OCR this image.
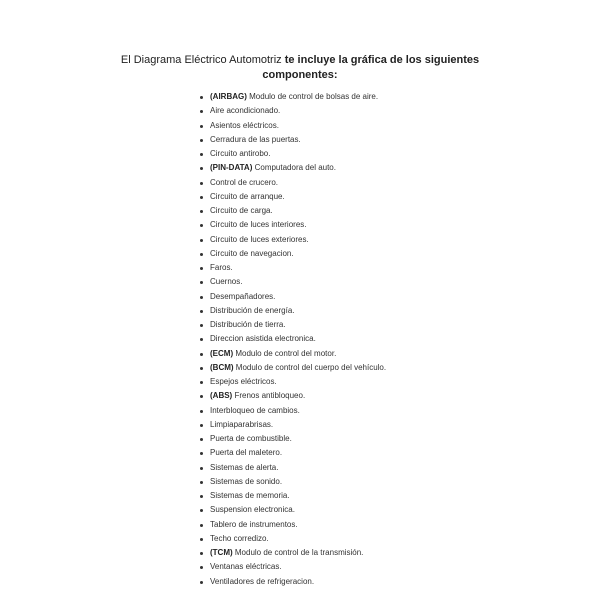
El Diagrama Eléctrico Automotriz te incluye la gráfica de los siguientes componentes:

(AIRBAG) Modulo de control de bolsas de aire.
Aire acondicionado.
Asientos eléctricos.
Cerradura de las puertas.
Circuito antirobo.
(PIN-DATA) Computadora del auto.
Control de crucero.
Circuito de arranque.
Circuito de carga.
Circuito de luces interiores.
Circuito de luces exteriores.
Circuito de navegacion.
Faros.
Cuernos.
Desempañadores.
Distribución de energía.
Distribución de tierra.
Direccion asistida electronica.
(ECM) Modulo de control del motor.
(BCM) Modulo de control del cuerpo del vehículo.
Espejos eléctricos.
(ABS) Frenos antibloqueo.
Interbloqueo de cambios.
Limpiaparabrisas.
Puerta de combustible.
Puerta del maletero.
Sistemas de alerta.
Sistemas de sonido.
Sistemas de memoria.
Suspension electronica.
Tablero de instrumentos.
Techo corredizo.
(TCM) Modulo de control de la transmisión.
Ventanas eléctricas.
Ventiladores de refrigeracion.
